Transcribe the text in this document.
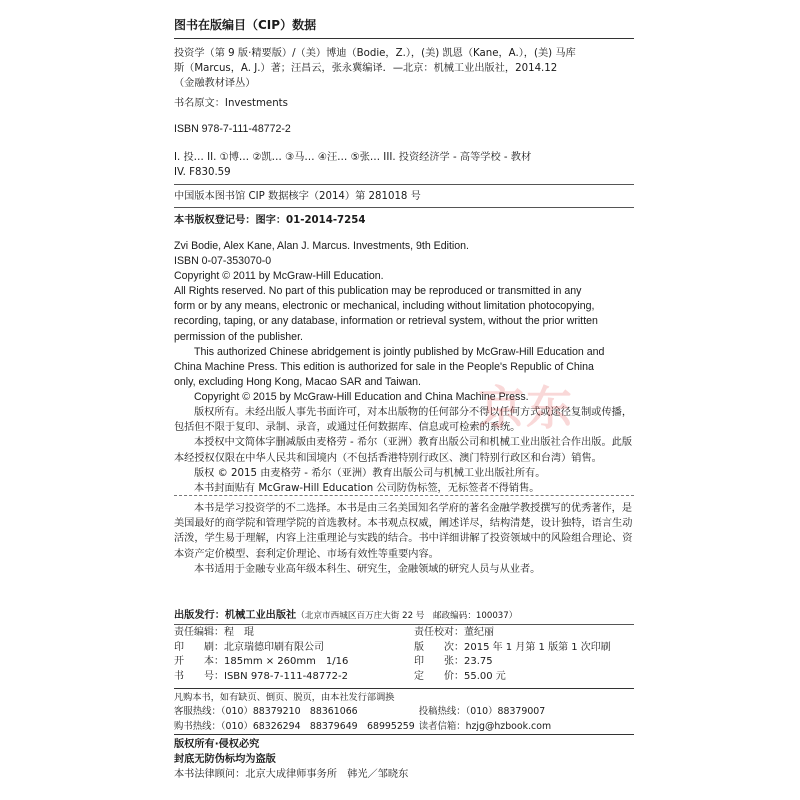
图书在版编目（CIP）数据
投资学（第 9 版·精要版）/（美）博迪（Bodie，Z.），(美) 凯恩（Kane，A.），(美) 马库
斯（Marcus，A. J.）著；汪昌云，张永冀编译．—北京：机械工业出版社，2014.12
（金融教材译丛）
书名原文：Investments
ISBN 978-7-111-48772-2
I. 投… II. ①博… ②凯… ③马… ④汪… ⑤张… III. 投资经济学 - 高等学校 - 教材
IV. F830.59
中国版本图书馆 CIP 数据核字（2014）第 281018 号
本书版权登记号：图字：01-2014-7254
Zvi Bodie, Alex Kane, Alan J. Marcus. Investments, 9th Edition.
ISBN 0-07-353070-0
Copyright © 2011 by McGraw-Hill Education.
All Rights reserved. No part of this publication may be reproduced or transmitted in any
form or by any means, electronic or mechanical, including without limitation photocopying,
recording, taping, or any database, information or retrieval system, without the prior written
permission of the publisher.
This authorized Chinese abridgement is jointly published by McGraw-Hill Education and
China Machine Press. This edition is authorized for sale in the People's Republic of China
only, excluding Hong Kong, Macao SAR and Taiwan.
Copyright © 2015 by McGraw-Hill Education and China Machine Press.
版权所有。未经出版人事先书面许可，对本出版物的任何部分不得以任何方式或途径复制或传播，
包括但不限于复印、录制、录音，或通过任何数据库、信息或可检索的系统。
本授权中文简体字删减版由麦格劳 - 希尔（亚洲）教育出版公司和机械工业出版社合作出版。此版
本经授权仅限在中华人民共和国境内（不包括香港特别行政区、澳门特别行政区和台湾）销售。
版权 © 2015 由麦格劳 - 希尔（亚洲）教育出版公司与机械工业出版社所有。
本书封面贴有 McGraw-Hill Education 公司防伪标签，无标签者不得销售。
本书是学习投资学的不二选择。本书是由三名美国知名学府的著名金融学教授撰写的优秀著作，是
美国最好的商学院和管理学院的首选教材。本书观点权威，阐述详尽，结构清楚，设计独特，语言生动
活泼，学生易于理解，内容上注重理论与实践的结合。书中详细讲解了投资领域中的风险组合理论、资
本资产定价模型、套利定价理论、市场有效性等重要内容。
本书适用于金融专业高年级本科生、研究生，金融领域的研究人员与从业者。
出版发行：机械工业出版社（北京市西城区百万庄大街 22 号　邮政编码：100037）
责任编辑：程　琨	责任校对：董纪丽
印　　刷：北京瑞德印刷有限公司	版　　次：2015 年 1 月第 1 版第 1 次印刷
开　　本：185mm × 260mm　1/16	印　　张：23.75
书　　号：ISBN 978-7-111-48772-2	定　　价：55.00 元
凡购本书，如有缺页、倒页、脱页，由本社发行部调换
客服热线：（010）88379210　88361066	投稿热线：（010）88379007
购书热线：（010）68326294　88379649　68995259 读者信箱：hzjg@hzbook.com
版权所有·侵权必究
封底无防伪标均为盗版
本书法律顾问：北京大成律师事务所　韩光／邹晓东
京东
